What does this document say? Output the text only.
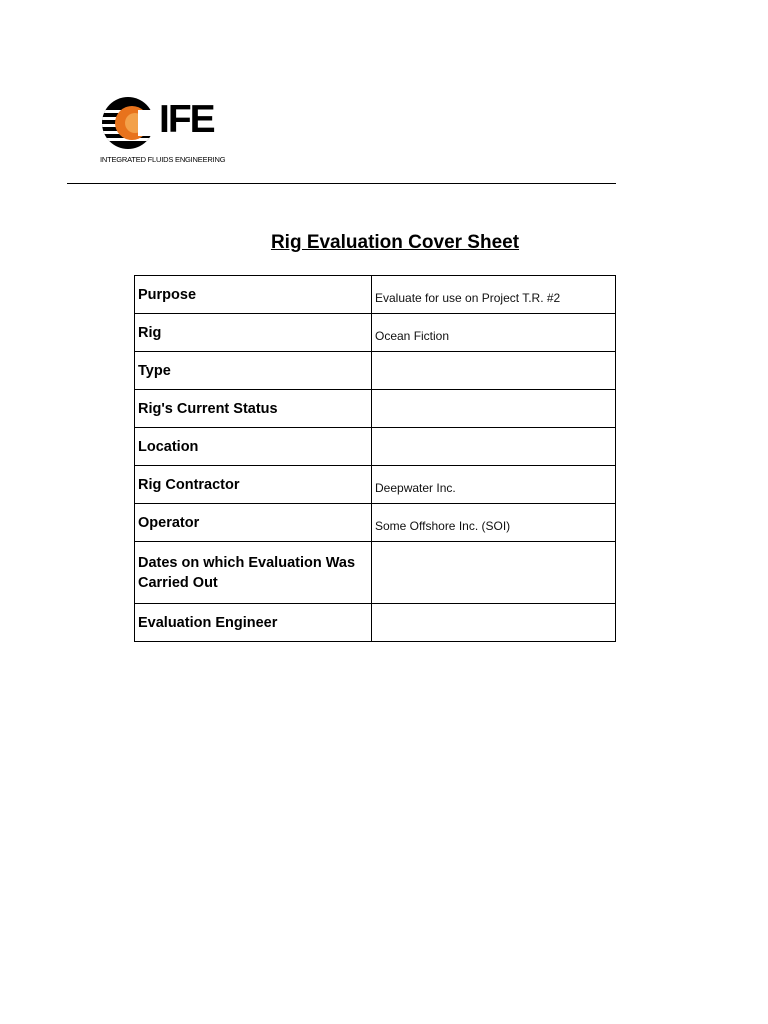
IFE
INTEGRATED FLUIDS ENGINEERING
Rig Evaluation Cover Sheet
Purpose	Evaluate for use on Project T.R. #2
Rig	Ocean Fiction
Type	
Rig's Current Status	
Location	
Rig Contractor	Deepwater Inc.
Operator	Some Offshore Inc. (SOI)
Dates on which Evaluation Was Carried Out	
Evaluation Engineer	
